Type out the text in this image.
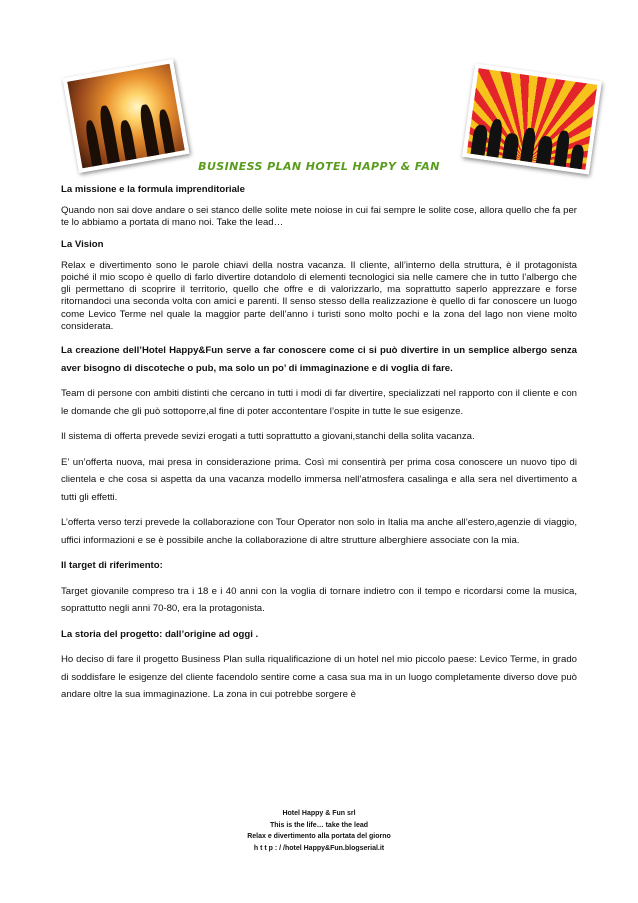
BUSINESS PLAN HOTEL HAPPY & FAN
La missione e la formula imprenditoriale
Quando non sai dove andare o sei stanco delle solite mete noiose in cui fai sempre le solite cose, allora quello che fa per te lo abbiamo a portata di mano noi. Take the lead…
La Vision
Relax e divertimento sono le parole chiavi della nostra vacanza. Il cliente, all’interno della struttura, è il protagonista poiché il mio scopo è quello di farlo divertire dotandolo di elementi tecnologici sia nelle camere che in tutto l’albergo che gli permettano di scoprire il territorio, quello che offre e di valorizzarlo, ma soprattutto saperlo apprezzare e forse ritornandoci una seconda volta con amici e parenti. Il senso stesso della realizzazione è quello di far conoscere un luogo come Levico Terme nel quale la maggior parte dell’anno i turisti sono molto pochi e la zona del lago non viene molto considerata.
La creazione dell’Hotel Happy&Fun serve a far conoscere come ci si può divertire in un semplice albergo senza aver bisogno di discoteche o pub, ma solo un po’ di immaginazione e di voglia di fare.
Team di persone con ambiti distinti che cercano in tutti i modi di far divertire, specializzati nel rapporto con il cliente e con le domande che gli può sottoporre,al fine di poter accontentare l’ospite in tutte le sue esigenze.
Il sistema di offerta prevede sevizi erogati a tutti soprattutto a giovani,stanchi della solita vacanza.
E’ un’offerta nuova, mai presa in considerazione prima. Così mi consentirà per prima cosa conoscere un nuovo tipo di clientela e che cosa si aspetta da una vacanza modello immersa nell’atmosfera casalinga e alla sera nel divertimento a tutti gli effetti.
L’offerta verso terzi prevede la collaborazione con Tour Operator non solo in Italia ma anche all’estero,agenzie di viaggio, uffici informazioni e se è possibile anche la collaborazione di altre strutture alberghiere associate con la mia.
Il target di riferimento:
Target giovanile compreso tra i 18 e i 40 anni con la voglia di tornare indietro con il tempo e ricordarsi come la musica, soprattutto negli anni 70-80, era la protagonista.
La storia del progetto: dall’origine ad oggi .
Ho deciso di fare il progetto Business Plan sulla riqualificazione di un hotel nel mio piccolo paese: Levico Terme, in grado di soddisfare le esigenze del cliente facendolo sentire come a casa sua ma in un luogo completamente diverso dove può andare oltre la sua immaginazione. La zona in cui potrebbe sorgere è
Hotel Happy & Fun srl
This is the life… take the lead
Relax e divertimento alla portata del giorno
h t t p : / /hotel Happy&Fun.blogserial.it
